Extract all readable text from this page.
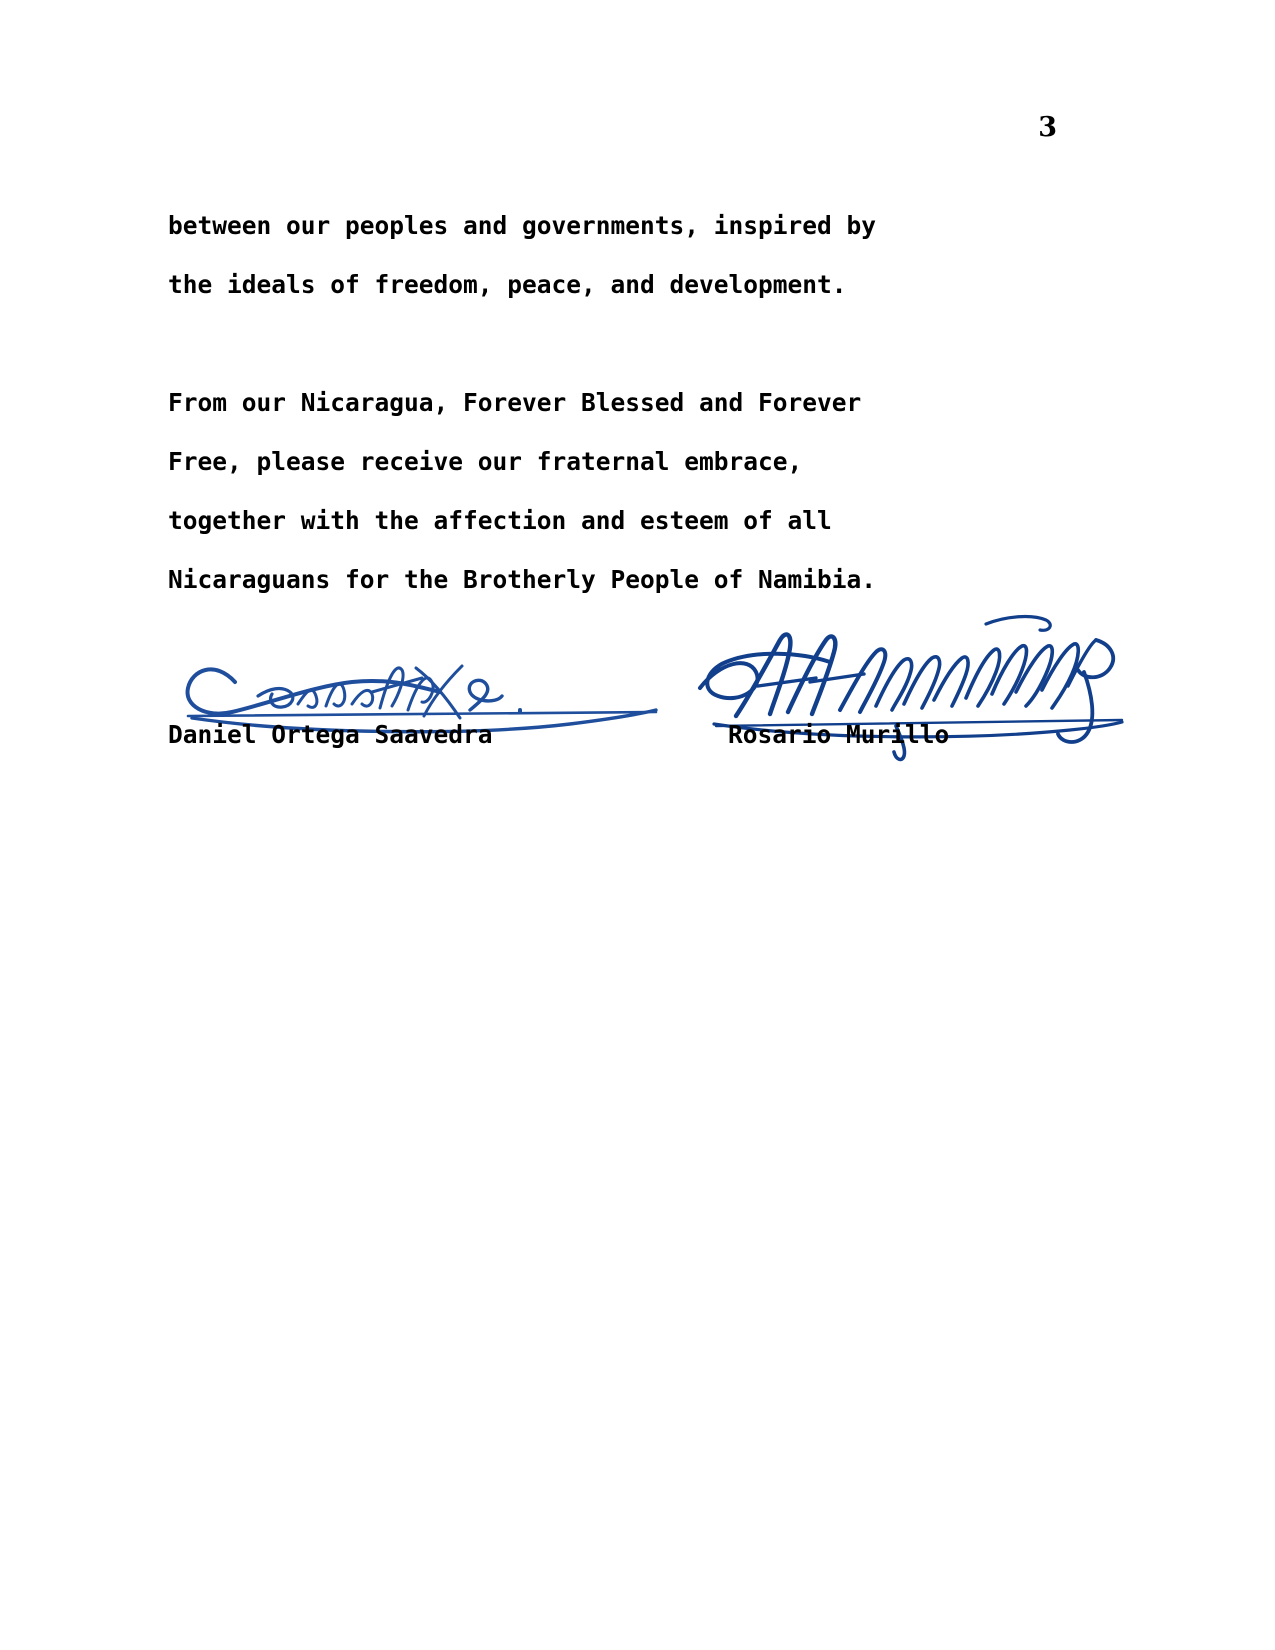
3
between our peoples and governments, inspired by
the ideals of freedom, peace, and development.
From our Nicaragua, Forever Blessed and Forever
Free, please receive our fraternal embrace,
together with the affection and esteem of all
Nicaraguans for the Brotherly People of Namibia.
Daniel Ortega Saavedra	Rosario Murillo
